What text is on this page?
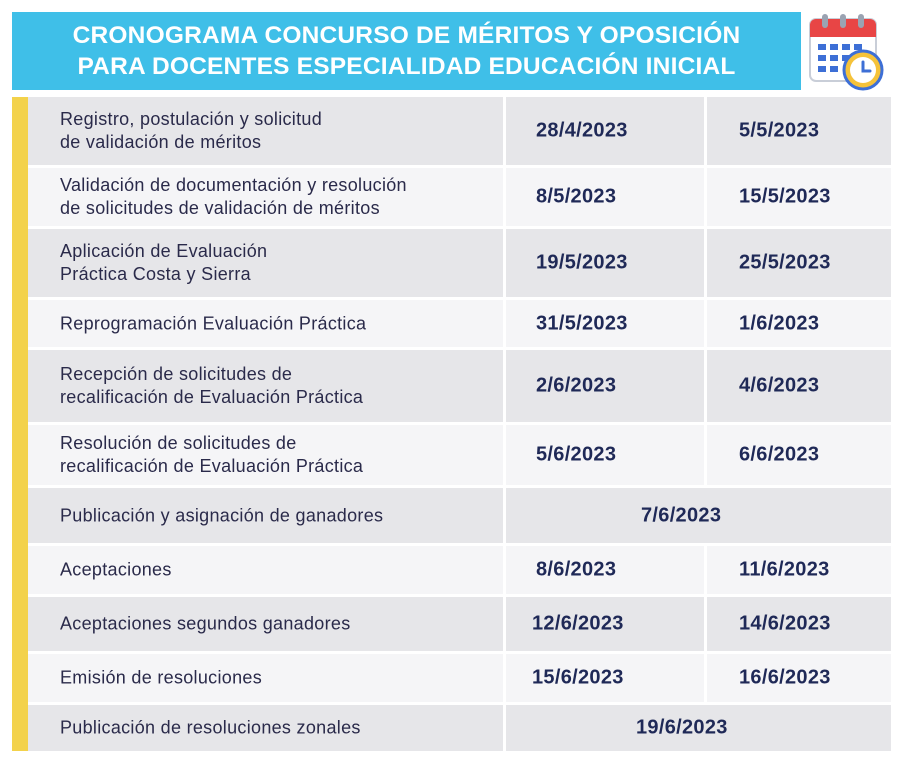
CRONOGRAMA CONCURSO DE MÉRITOS Y OPOSICIÓN
PARA DOCENTES ESPECIALIDAD EDUCACIÓN INICIAL
Registro, postulación y solicitud
de validación de méritos
28/4/2023	5/5/2023
Validación de documentación y resolución
de solicitudes de validación de méritos
8/5/2023	15/5/2023
Aplicación de Evaluación
Práctica Costa y Sierra
19/5/2023	25/5/2023
Reprogramación Evaluación Práctica	31/5/2023	1/6/2023
Recepción de solicitudes de
recalificación de Evaluación Práctica
2/6/2023	4/6/2023
Resolución de solicitudes de
recalificación de Evaluación Práctica
5/6/2023	6/6/2023
Publicación y asignación de ganadores	7/6/2023
Aceptaciones	8/6/2023	11/6/2023
Aceptaciones segundos ganadores	12/6/2023	14/6/2023
Emisión de resoluciones	15/6/2023	16/6/2023
Publicación de resoluciones zonales	19/6/2023
